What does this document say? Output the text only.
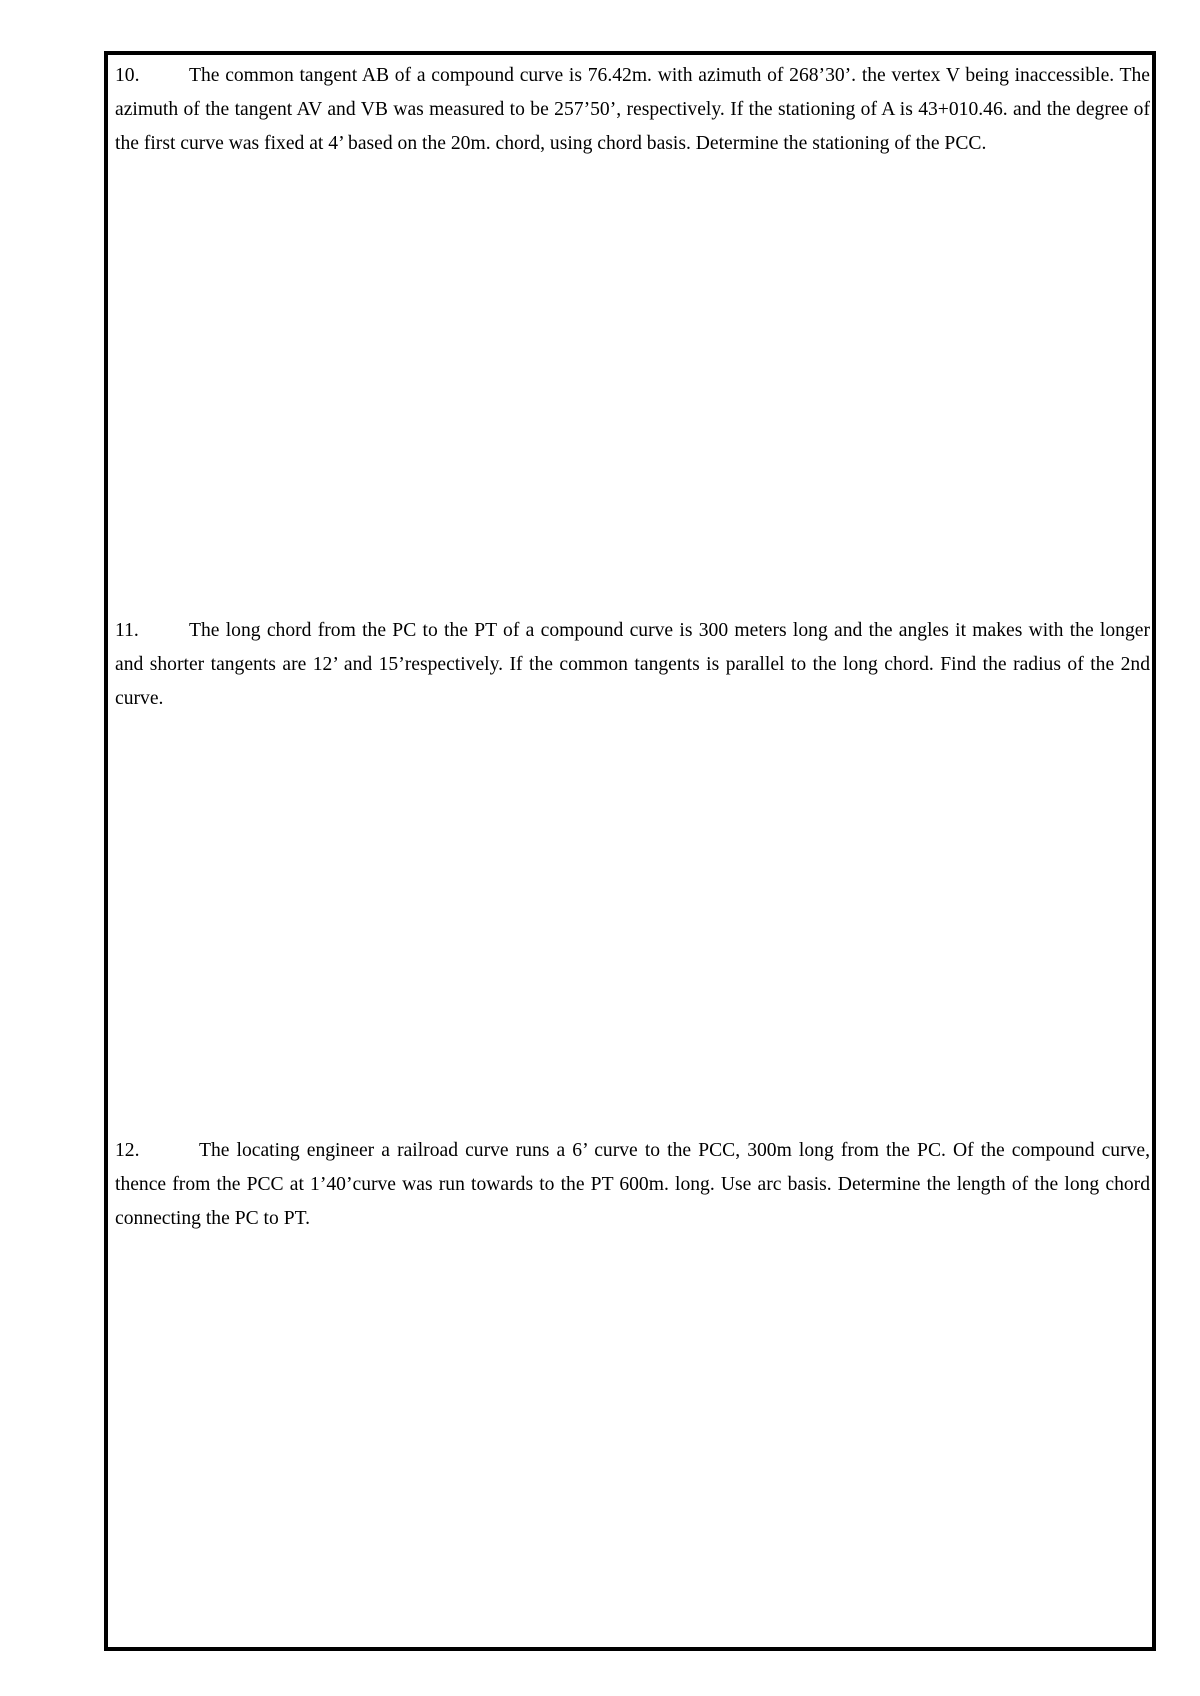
10.	The common tangent AB of a compound curve is 76.42m. with azimuth of 268’30’. the vertex V being inaccessible. The azimuth of the tangent AV and VB was measured to be 257’50’, respectively. If the stationing of A is 43+010.46. and the degree of the first curve was fixed at 4’ based on the 20m. chord, using chord basis. Determine the stationing of the PCC.

11.	The long chord from the PC to the PT of a compound curve is 300 meters long and the angles it makes with the longer and shorter tangents are 12’ and 15’respectively. If the common tangents is parallel to the long chord. Find the radius of the 2nd curve.

12.	The locating engineer a railroad curve runs a 6’ curve to the PCC, 300m long from the PC. Of the compound curve, thence from the PCC at 1’40’curve was run towards to the PT 600m. long. Use arc basis. Determine the length of the long chord connecting the PC to PT.
